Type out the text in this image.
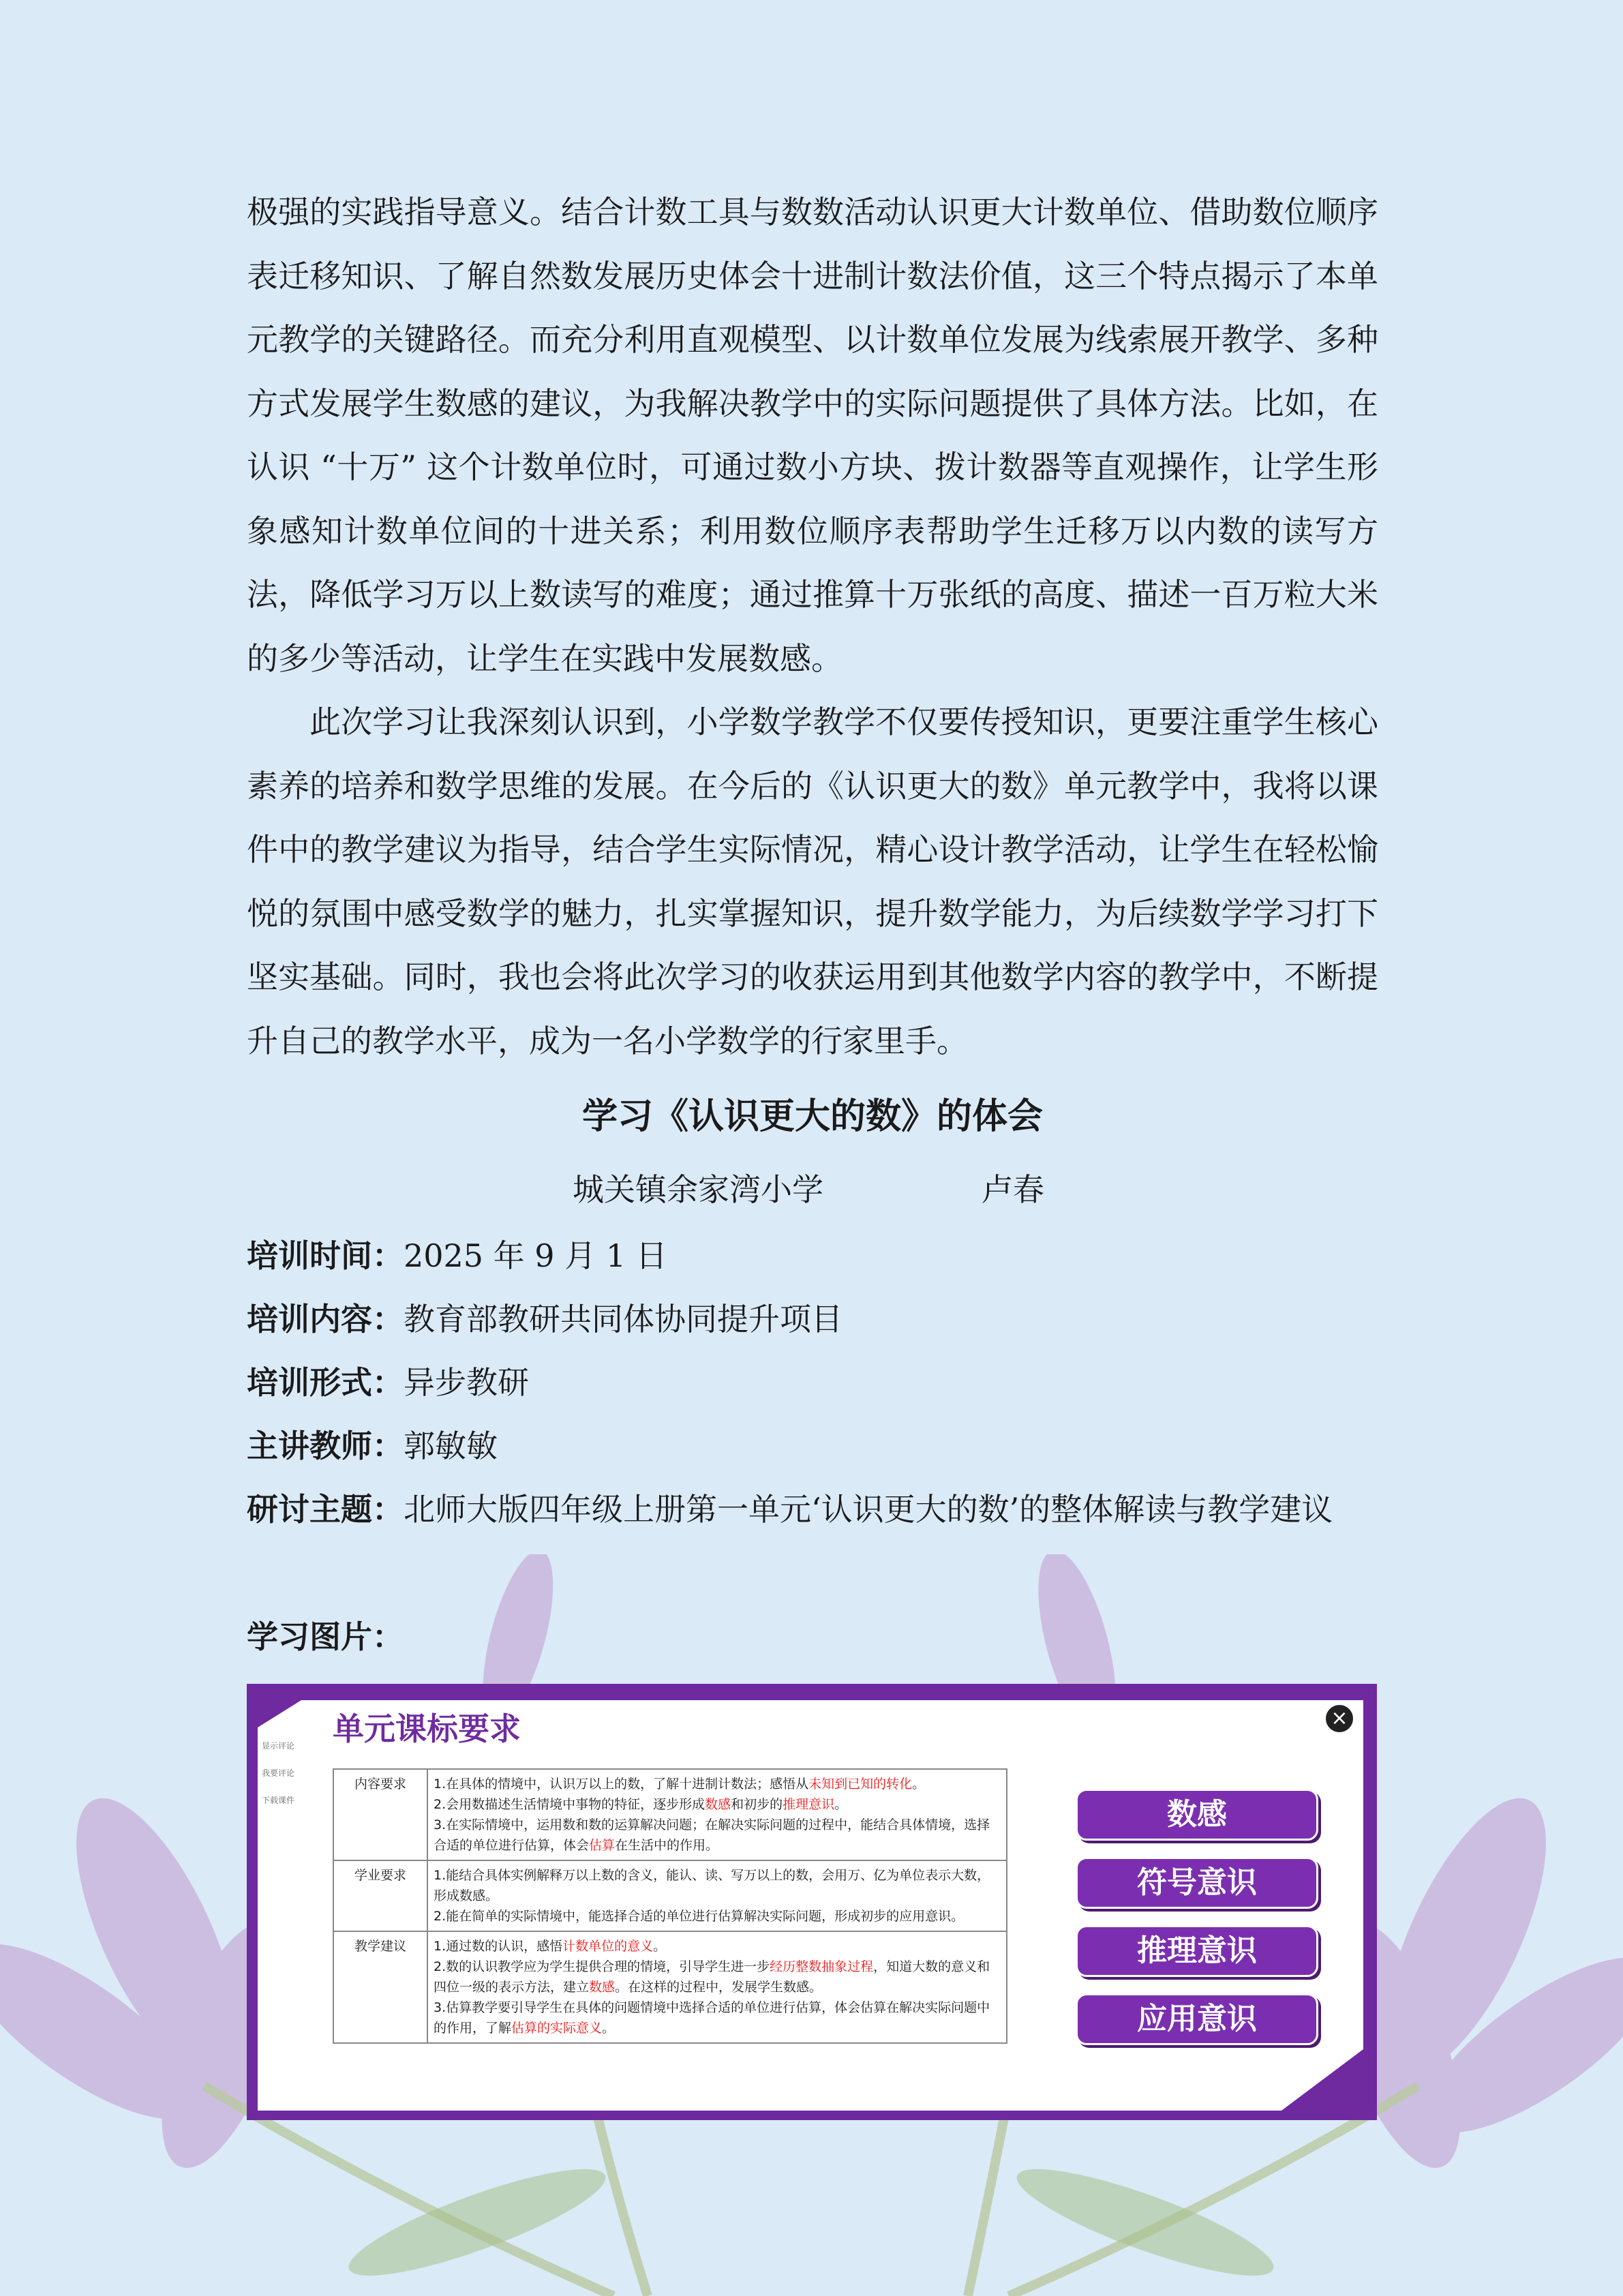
极强的实践指导意义。结合计数工具与数数活动认识更大计数单位、借助数位顺序表迁移知识、了解自然数发展历史体会十进制计数法价值，这三个特点揭示了本单元教学的关键路径。而充分利用直观模型、以计数单位发展为线索展开教学、多种方式发展学生数感的建议，为我解决教学中的实际问题提供了具体方法。比如，在认识 “十万” 这个计数单位时，可通过数小方块、拨计数器等直观操作，让学生形象感知计数单位间的十进关系；利用数位顺序表帮助学生迁移万以内数的读写方法，降低学习万以上数读写的难度；通过推算十万张纸的高度、描述一百万粒大米的多少等活动，让学生在实践中发展数感。

此次学习让我深刻认识到，小学数学教学不仅要传授知识，更要注重学生核心素养的培养和数学思维的发展。在今后的《认识更大的数》单元教学中，我将以课件中的教学建议为指导，结合学生实际情况，精心设计教学活动，让学生在轻松愉悦的氛围中感受数学的魅力，扎实掌握知识，提升数学能力，为后续数学学习打下坚实基础。同时，我也会将此次学习的收获运用到其他数学内容的教学中，不断提升自己的教学水平，成为一名小学数学的行家里手。

学习《认识更大的数》的体会
城关镇余家湾小学	卢春
培训时间：2025 年 9 月 1 日
培训内容：教育部教研共同体协同提升项目
培训形式：异步教研
主讲教师：郭敏敏
研讨主题：北师大版四年级上册第一单元‘认识更大的数’的整体解读与教学建议
学习图片：
单元课标要求	×
显示评论
我要评论
下载课件
内容要求	1.在具体的情境中，认识万以上的数，了解十进制计数法；感悟从未知到已知的转化。
2.会用数描述生活情境中事物的特征，逐步形成数感和初步的推理意识。
3.在实际情境中，运用数和数的运算解决问题；在解决实际问题的过程中，能结合具体情境，选择合适的单位进行估算，体会估算在生活中的作用。

学业要求	1.能结合具体实例解释万以上数的含义，能认、读、写万以上的数，会用万、亿为单位表示大数，形成数感。
2.能在简单的实际情境中，能选择合适的单位进行估算解决实际问题，形成初步的应用意识。

教学建议	1.通过数的认识，感悟计数单位的意义。
2.数的认识教学应为学生提供合理的情境，引导学生进一步经历整数抽象过程，知道大数的意义和四位一级的表示方法，建立数感。在这样的过程中，发展学生数感。
3.估算教学要引导学生在具体的问题情境中选择合适的单位进行估算，体会估算在解决实际问题中的作用，了解估算的实际意义。
数感
符号意识
推理意识
应用意识
